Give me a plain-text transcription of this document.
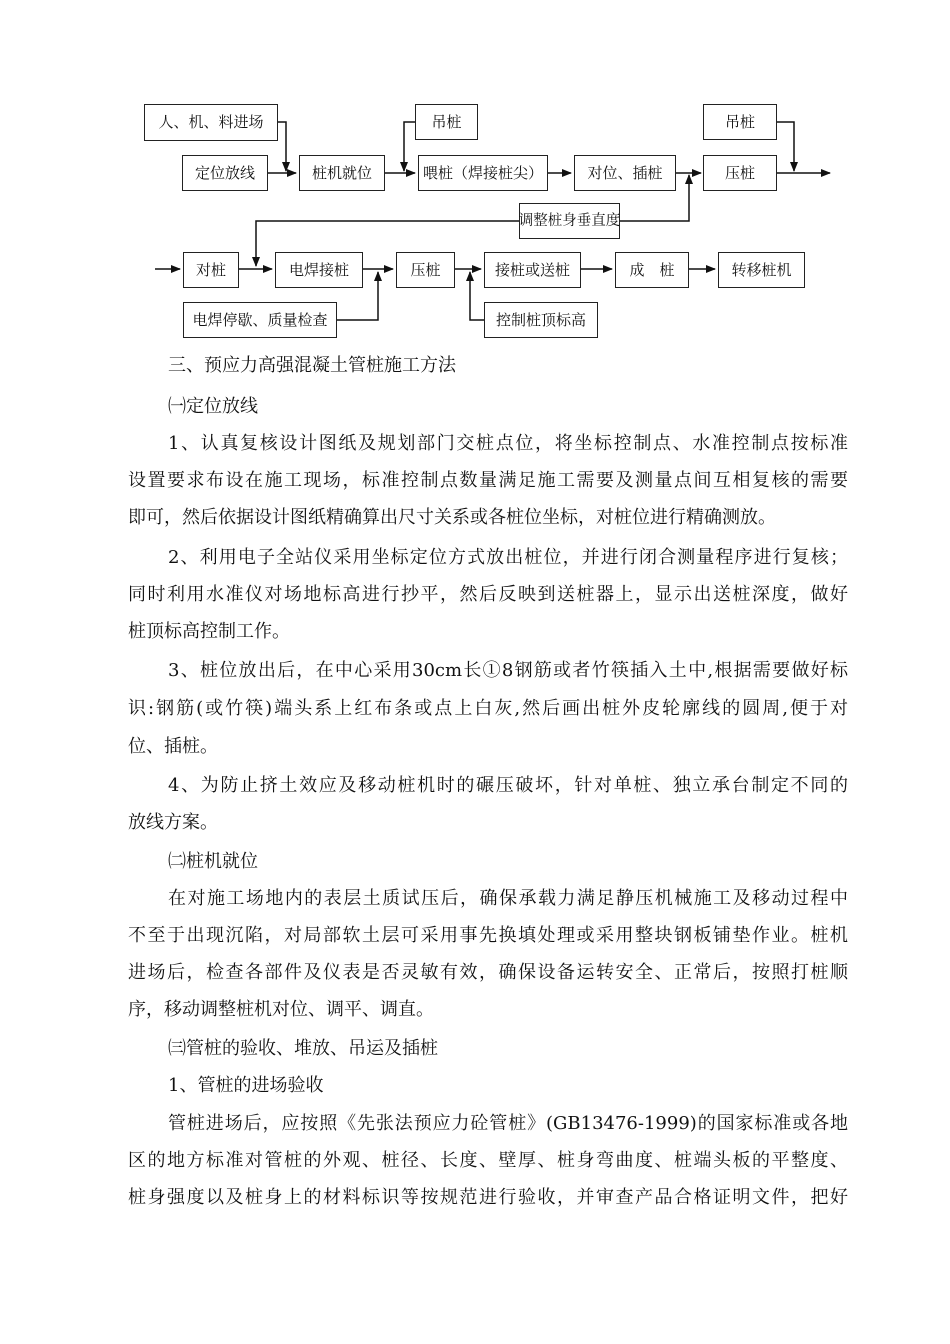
人、机、料进场
定位放线	桩机就位
吊桩
喂桩（焊接桩尖）	对位、插桩
吊桩
压桩
调整桩身垂直度
对桩	电焊接桩	压桩	接桩或送桩	成　桩	转移桩机
电焊停歇、质量检查	控制桩顶标高
三、预应力高强混凝土管桩施工方法
㈠定位放线
1、认真复核设计图纸及规划部门交桩点位，将坐标控制点、水准控制点按标准
设置要求布设在施工现场，标准控制点数量满足施工需要及测量点间互相复核的需要
即可，然后依据设计图纸精确算出尺寸关系或各桩位坐标，对桩位进行精确测放。
2、利用电子全站仪采用坐标定位方式放出桩位，并进行闭合测量程序进行复核；
同时利用水准仪对场地标高进行抄平，然后反映到送桩器上，显示出送桩深度，做好
桩顶标高控制工作。
3、桩位放出后，在中心采用30cm长①8钢筋或者竹筷插入土中,根据需要做好标
识:钢筋(或竹筷)端头系上红布条或点上白灰,然后画出桩外皮轮廓线的圆周,便于对
位、插桩。
4、为防止挤土效应及移动桩机时的碾压破坏，针对单桩、独立承台制定不同的
放线方案。
㈡桩机就位
在对施工场地内的表层土质试压后，确保承载力满足静压机械施工及移动过程中
不至于出现沉陷，对局部软土层可采用事先换填处理或采用整块钢板铺垫作业。桩机
进场后，检查各部件及仪表是否灵敏有效，确保设备运转安全、正常后，按照打桩顺
序，移动调整桩机对位、调平、调直。
㈢管桩的验收、堆放、吊运及插桩
1、管桩的进场验收
管桩进场后，应按照《先张法预应力砼管桩》(GB13476-1999)的国家标准或各地
区的地方标准对管桩的外观、桩径、长度、壁厚、桩身弯曲度、桩端头板的平整度、
桩身强度以及桩身上的材料标识等按规范进行验收，并审查产品合格证明文件，把好
